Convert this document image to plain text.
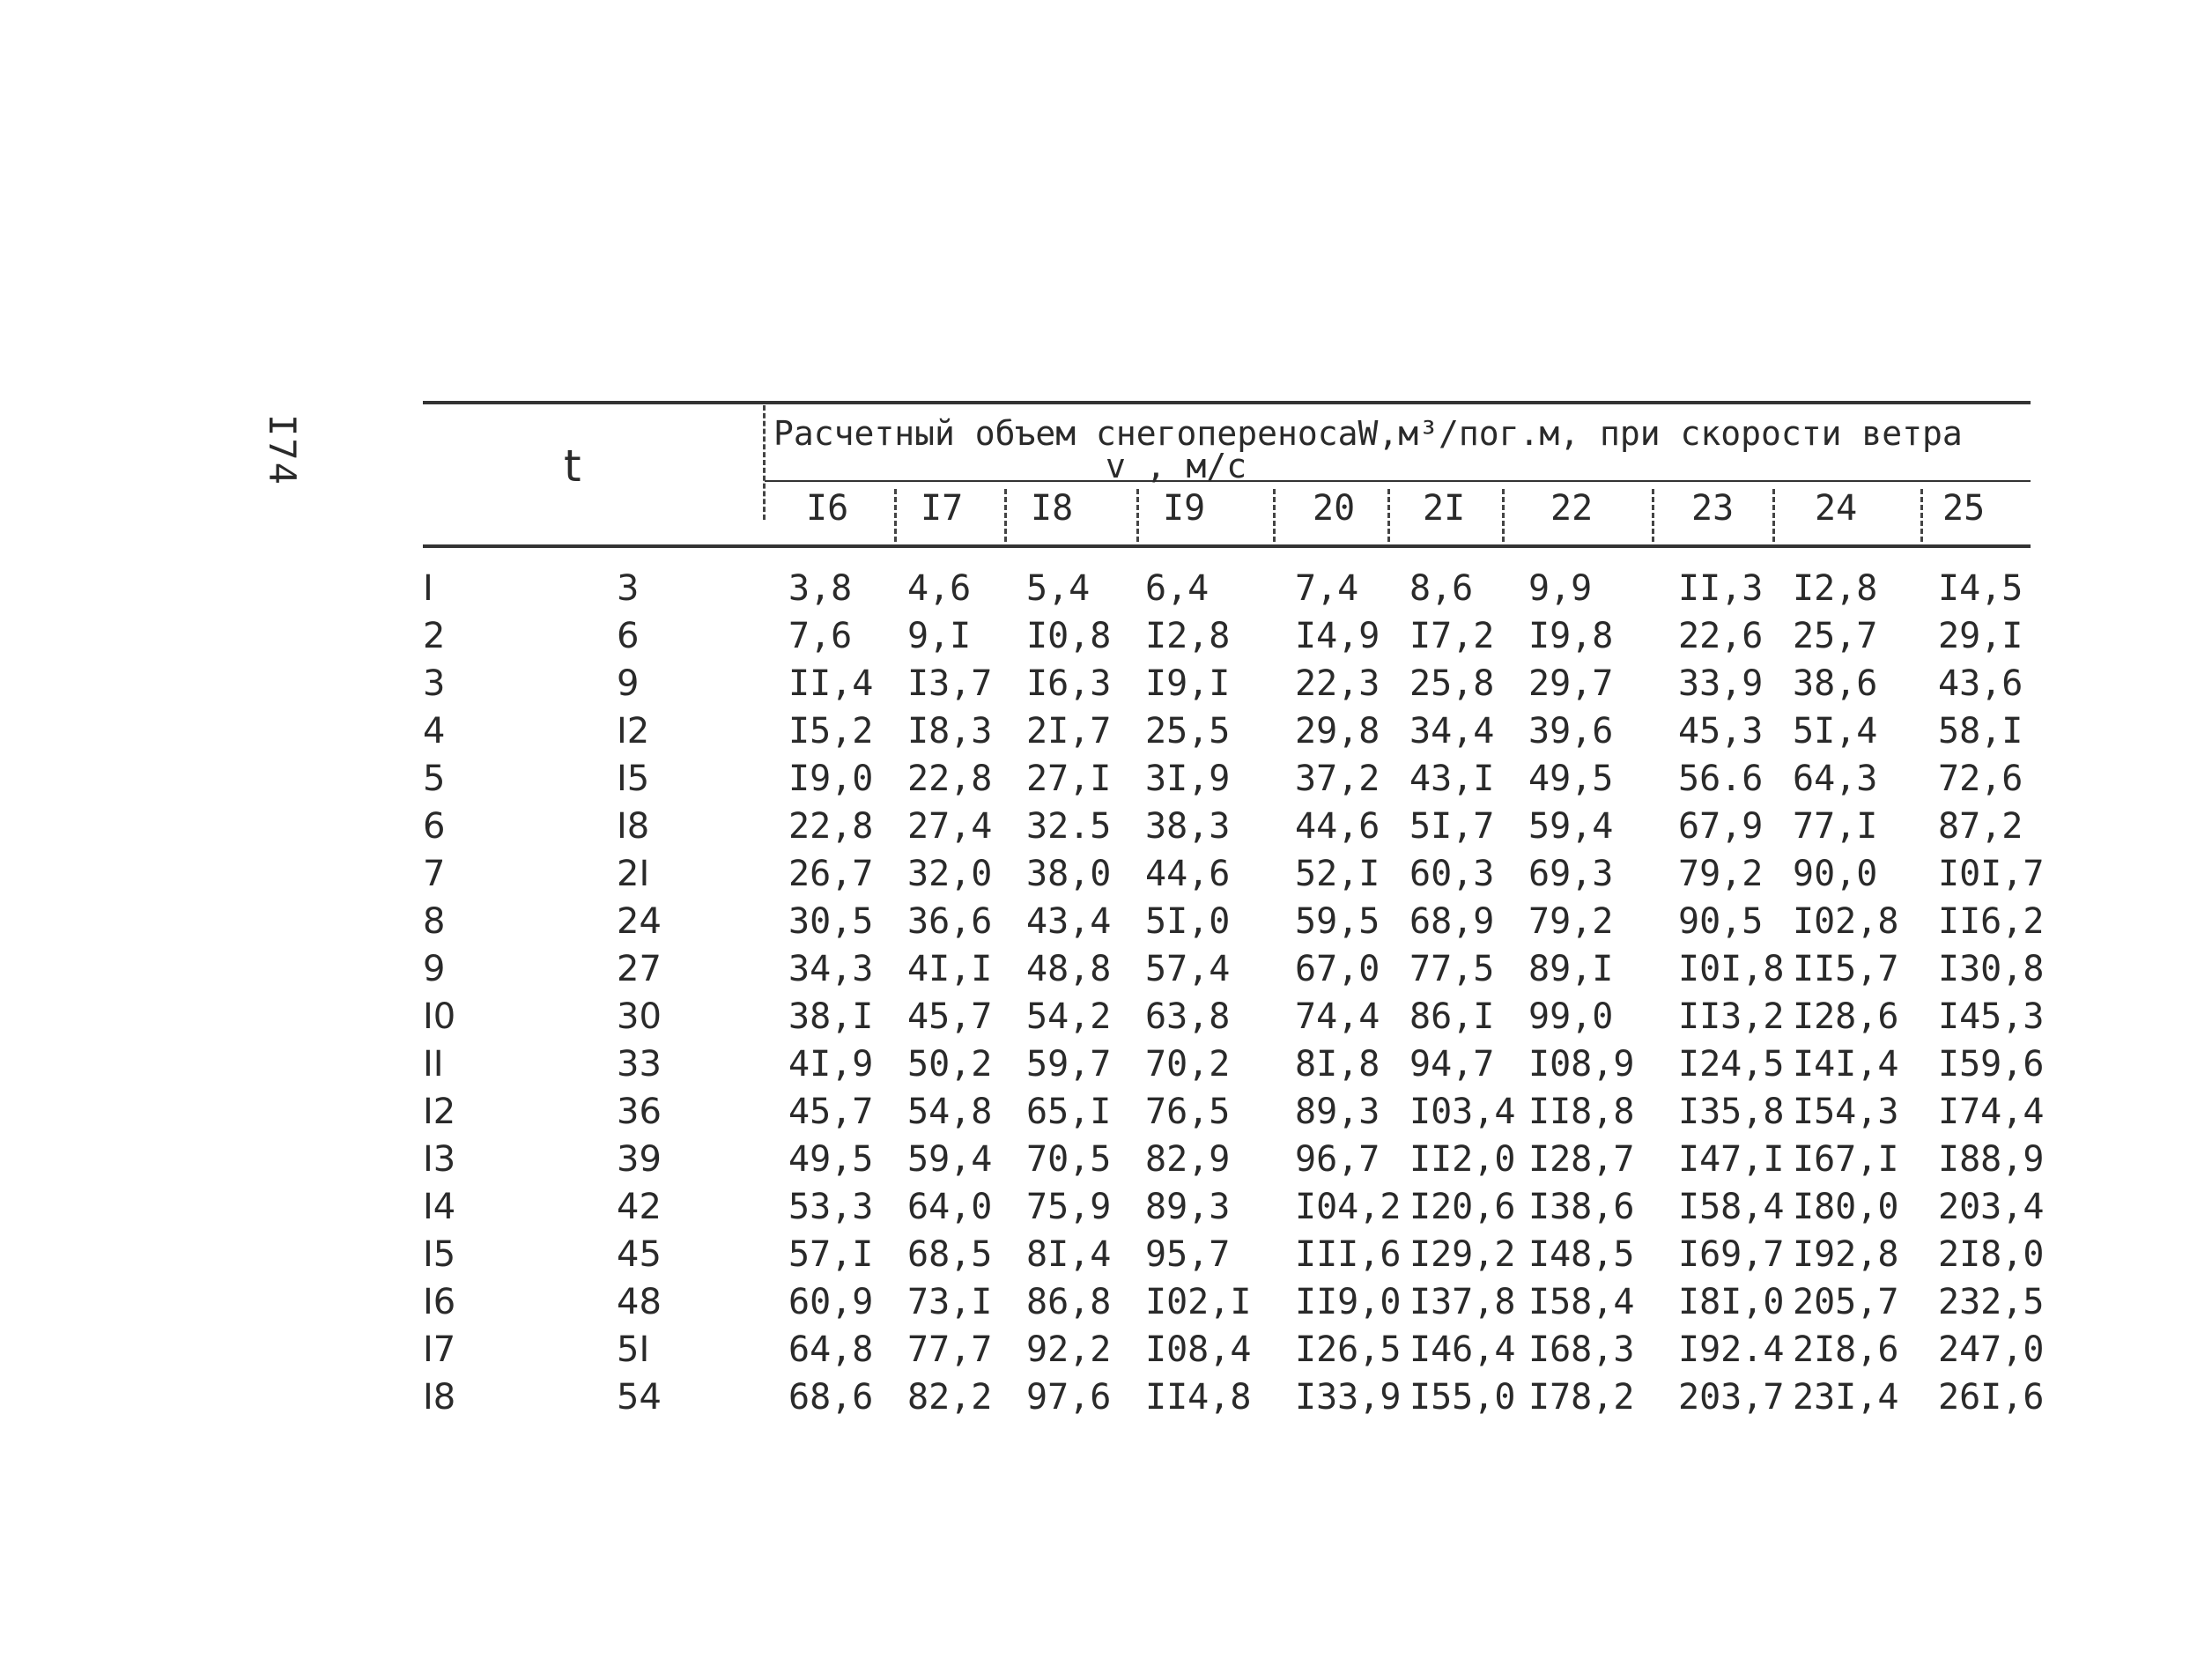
I74	t
Расчетный объем снегопереносаW,м³/пог.м, при скорости ветра
v , м/с
I6 I7 I8	I9	20 2I 22	23 24 25
I	3	3,8 4,6 5,4 6,4 7,4 8,6 9,9 II,3 I2,8 I4,5
2	6	7,6 9,I I0,8 I2,8 I4,9 I7,2 I9,8 22,6 25,7 29,I
3	9	II,4 I3,7 I6,3 I9,I 22,3 25,8 29,7 33,9 38,6 43,6
4	I2	I5,2 I8,3 2I,7 25,5 29,8 34,4 39,6 45,3 5I,4 58,I
5	I5	I9,0 22,8 27,I 3I,9 37,2 43,I 49,5 56.6 64,3 72,6
6	I8	22,8 27,4 32.5 38,3 44,6 5I,7 59,4 67,9 77,I 87,2
7	2I	26,7 32,0 38,0 44,6 52,I 60,3 69,3 79,2 90,0 I0I,7
8	24	30,5 36,6 43,4 5I,0 59,5 68,9 79,2 90,5 I02,8 II6,2
9	27	34,3 4I,I 48,8 57,4 67,0 77,5 89,I I0I,8 II5,7 I30,8
I0	30	38,I 45,7 54,2 63,8 74,4 86,I 99,0 II3,2 I28,6 I45,3
II	33	4I,9 50,2 59,7 70,2 8I,8 94,7 I08,9 I24,5 I4I,4 I59,6
I2	36	45,7 54,8 65,I 76,5 89,3 I03,4 II8,8 I35,8 I54,3 I74,4
I3	39	49,5 59,4 70,5 82,9 96,7 II2,0 I28,7 I47,I I67,I I88,9
I4	42	53,3 64,0 75,9 89,3 I04,2 I20,6 I38,6 I58,4 I80,0 203,4
I5	45	57,I 68,5 8I,4 95,7 III,6 I29,2 I48,5 I69,7 I92,8 2I8,0
I6	48	60,9 73,I 86,8 I02,I II9,0 I37,8 I58,4 I8I,0 205,7 232,5
I7	5I	64,8 77,7 92,2 I08,4 I26,5 I46,4 I68,3 I92.4 2I8,6 247,0
I8	54	68,6 82,2 97,6 II4,8 I33,9 I55,0 I78,2 203,7 23I,4 26I,6
